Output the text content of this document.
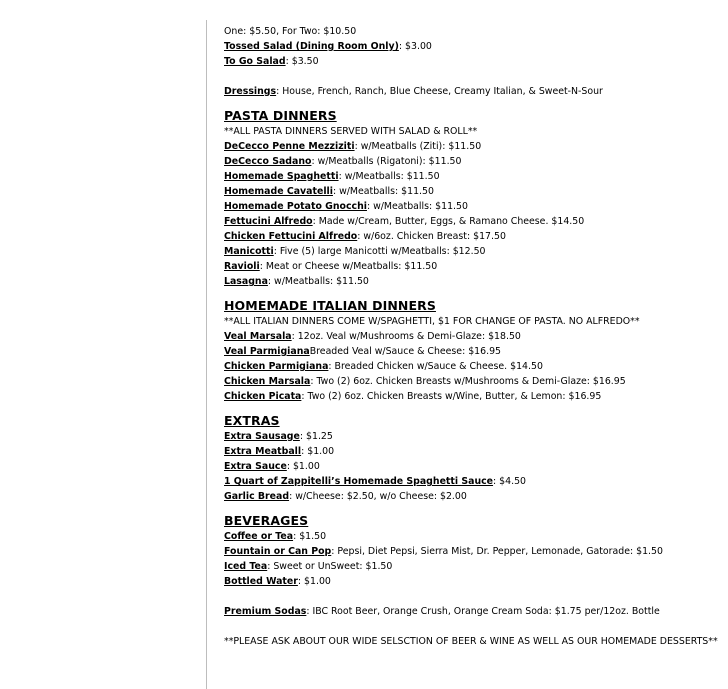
One: $5.50, For Two: $10.50
Tossed Salad (Dining Room Only): $3.00
To Go Salad: $3.50
Dressings: House, French, Ranch, Blue Cheese, Creamy Italian, & Sweet-N-Sour
PASTA DINNERS
**ALL PASTA DINNERS SERVED WITH SALAD & ROLL**
DeCecco Penne Mezziziti: w/Meatballs (Ziti): $11.50
DeCecco Sadano: w/Meatballs (Rigatoni): $11.50
Homemade Spaghetti: w/Meatballs: $11.50
Homemade Cavatelli: w/Meatballs: $11.50
Homemade Potato Gnocchi: w/Meatballs: $11.50
Fettucini Alfredo: Made w/Cream, Butter, Eggs, & Ramano Cheese. $14.50
Chicken Fettucini Alfredo: w/6oz. Chicken Breast: $17.50
Manicotti: Five (5) large Manicotti w/Meatballs: $12.50
Ravioli: Meat or Cheese w/Meatballs: $11.50
Lasagna: w/Meatballs: $11.50
HOMEMADE ITALIAN DINNERS
**ALL ITALIAN DINNERS COME W/SPAGHETTI, $1 FOR CHANGE OF PASTA. NO ALFREDO**
Veal Marsala: 12oz. Veal w/Mushrooms & Demi-Glaze: $18.50
Veal ParmigianaBreaded Veal w/Sauce & Cheese: $16.95
Chicken Parmigiana: Breaded Chicken w/Sauce & Cheese. $14.50
Chicken Marsala: Two (2) 6oz. Chicken Breasts w/Mushrooms & Demi-Glaze: $16.95
Chicken Picata: Two (2) 6oz. Chicken Breasts w/Wine, Butter, & Lemon: $16.95
EXTRAS
Extra Sausage: $1.25
Extra Meatball: $1.00
Extra Sauce: $1.00
1 Quart of Zappitelli’s Homemade Spaghetti Sauce: $4.50
Garlic Bread: w/Cheese: $2.50, w/o Cheese: $2.00
BEVERAGES
Coffee or Tea: $1.50
Fountain or Can Pop: Pepsi, Diet Pepsi, Sierra Mist, Dr. Pepper, Lemonade, Gatorade: $1.50
Iced Tea: Sweet or UnSweet: $1.50
Bottled Water: $1.00
Premium Sodas: IBC Root Beer, Orange Crush, Orange Cream Soda: $1.75 per/12oz. Bottle
**PLEASE ASK ABOUT OUR WIDE SELSCTION OF BEER & WINE AS WELL AS OUR HOMEMADE DESSERTS**
